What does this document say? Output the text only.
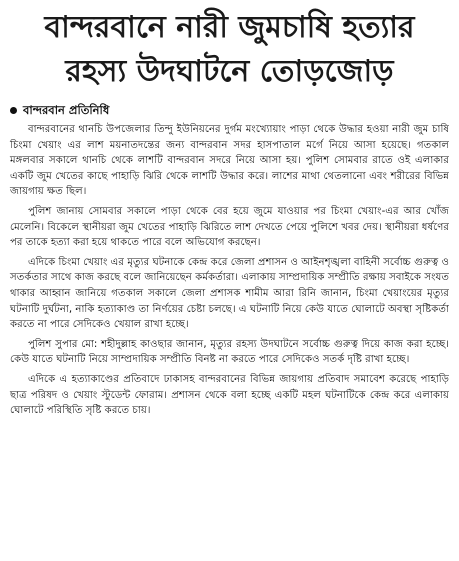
বান্দরবানে নারী জুমচাষি হত্যার
রহস্য উদঘাটনে তোড়জোড়
বান্দরবান প্রতিনিধি

বান্দরবানের থানচি উপজেলার তিন্দু ইউনিয়নের দুর্গম মংখ্যোয়াং পাড়া থেকে উদ্ধার হওয়া নারী জুম চাষি চিংমা খেয়াং এর লাশ ময়নাতদন্তের জন্য বান্দরবান সদর হাসপাতাল মর্গে নিয়ে আসা হয়েছে। গতকাল মঙ্গলবার সকালে থানচি থেকে লাশটি বান্দরবান সদরে নিয়ে আসা হয়। পুলিশ সোমবার রাতে ওই এলাকার একটি জুম খেতের কাছে পাহাড়ি ঝিরি থেকে লাশটি উদ্ধার করে। লাশের মাথা থেতলানো এবং শরীরের বিভিন্ন জায়গায় ক্ষত ছিল।

পুলিশ জানায় সোমবার সকালে পাড়া থেকে বের হয়ে জুমে যাওয়ার পর চিংমা খেয়াং-এর আর খোঁজ মেলেনি। বিকেলে স্থানীয়রা জুম খেতের পাহাড়ি ঝিরিতে লাশ দেখতে পেয়ে পুলিশে খবর দেয়। স্থানীয়রা ধর্ষণের পর তাকে হত্যা করা হয়ে থাকতে পারে বলে অভিযোগ করছেন।

এদিকে চিংমা খেয়াং এর মৃত্যুর ঘটনাকে কেন্দ্র করে জেলা প্রশাসন ও আইনশৃঙ্খলা বাহিনী সর্বোচ্চ গুরুত্ব ও সতর্কতার সাথে কাজ করছে বলে জানিয়েছেন কর্মকর্তারা। এলাকায় সাম্প্রদায়িক সম্প্রীতি রক্ষায় সবাইকে সংযত থাকার আহ্বান জানিয়ে গতকাল সকালে জেলা প্রশাসক শামীম আরা রিনি জানান, চিংমা খেয়াংয়ের মৃত্যুর ঘটনাটি দুর্ঘটনা, নাকি হত্যাকাণ্ড তা নির্ণয়ের চেষ্টা চলছে। এ ঘটনাটি নিয়ে কেউ যাতে ঘোলাটে অবস্থা সৃষ্টিকর্তা করতে না পারে সেদিকেও খেয়াল রাখা হচ্ছে।

পুলিশ সুপার মো: শহীদুল্লাহ কাওছার জানান, মৃত্যুর রহস্য উদঘাটনে সর্বোচ্চ গুরুত্ব দিয়ে কাজ করা হচ্ছে। কেউ যাতে ঘটনাটি নিয়ে সাম্প্রদায়িক সম্প্রীতি বিনষ্ট না করতে পারে সেদিকেও সতর্ক দৃষ্টি রাখা হচ্ছে।

এদিকে এ হত্যাকাণ্ডের প্রতিবাদে ঢাকাসহ বান্দরবানের বিভিন্ন জায়গায় প্রতিবাদ সমাবেশ করেছে পাহাড়ি ছাত্র পরিষদ ও খেয়াং স্টুডেন্ট ফোরাম। প্রশাসন থেকে বলা হচ্ছে একটি মহল ঘটনাটিকে কেন্দ্র করে এলাকায় ঘোলাটে পরিস্থিতি সৃষ্টি করতে চায়।
